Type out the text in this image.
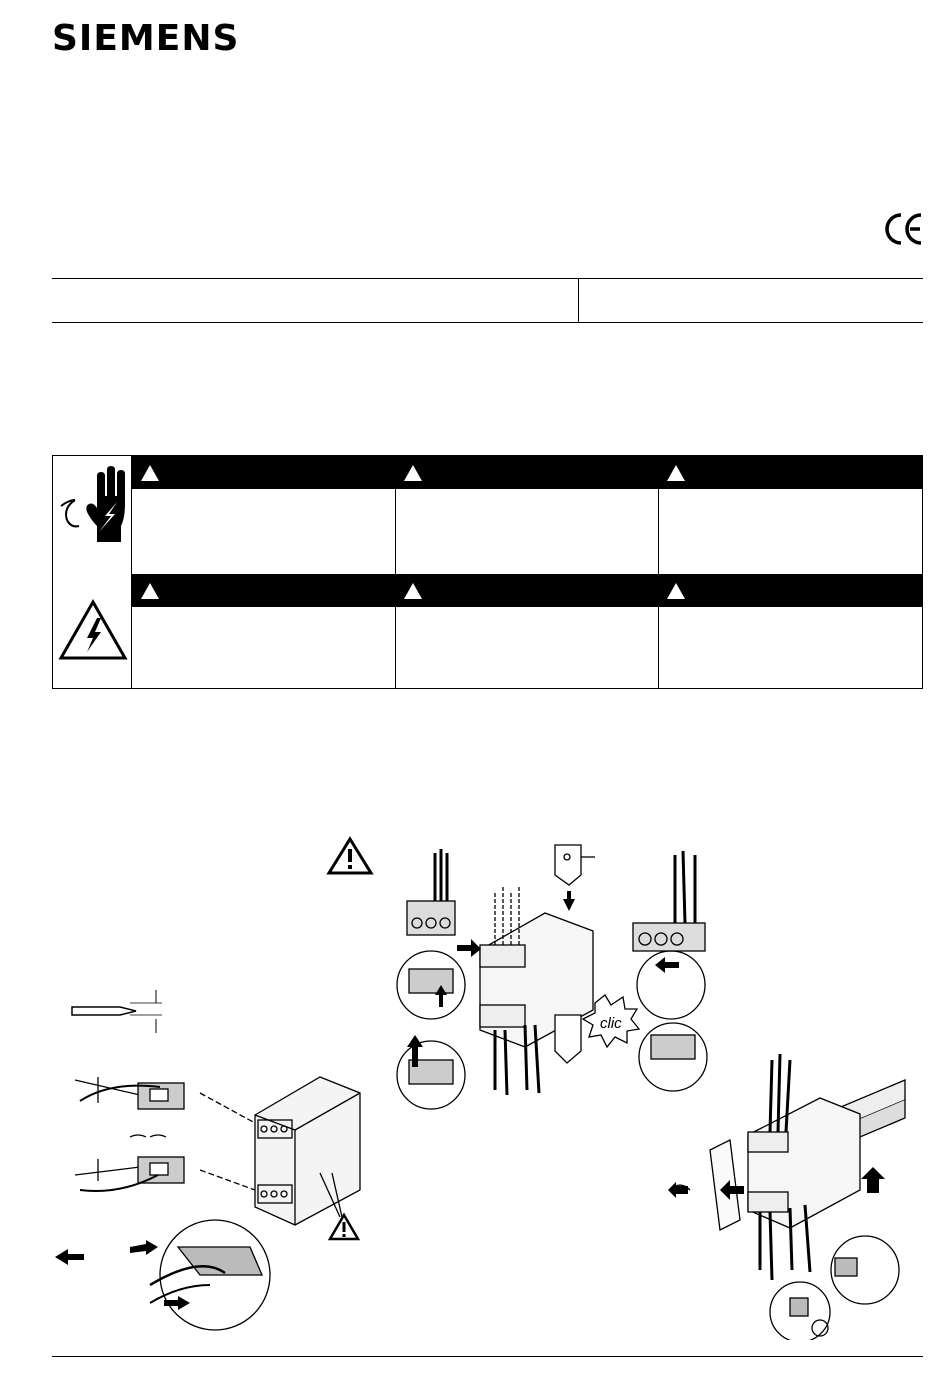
SIEMENS
clic
